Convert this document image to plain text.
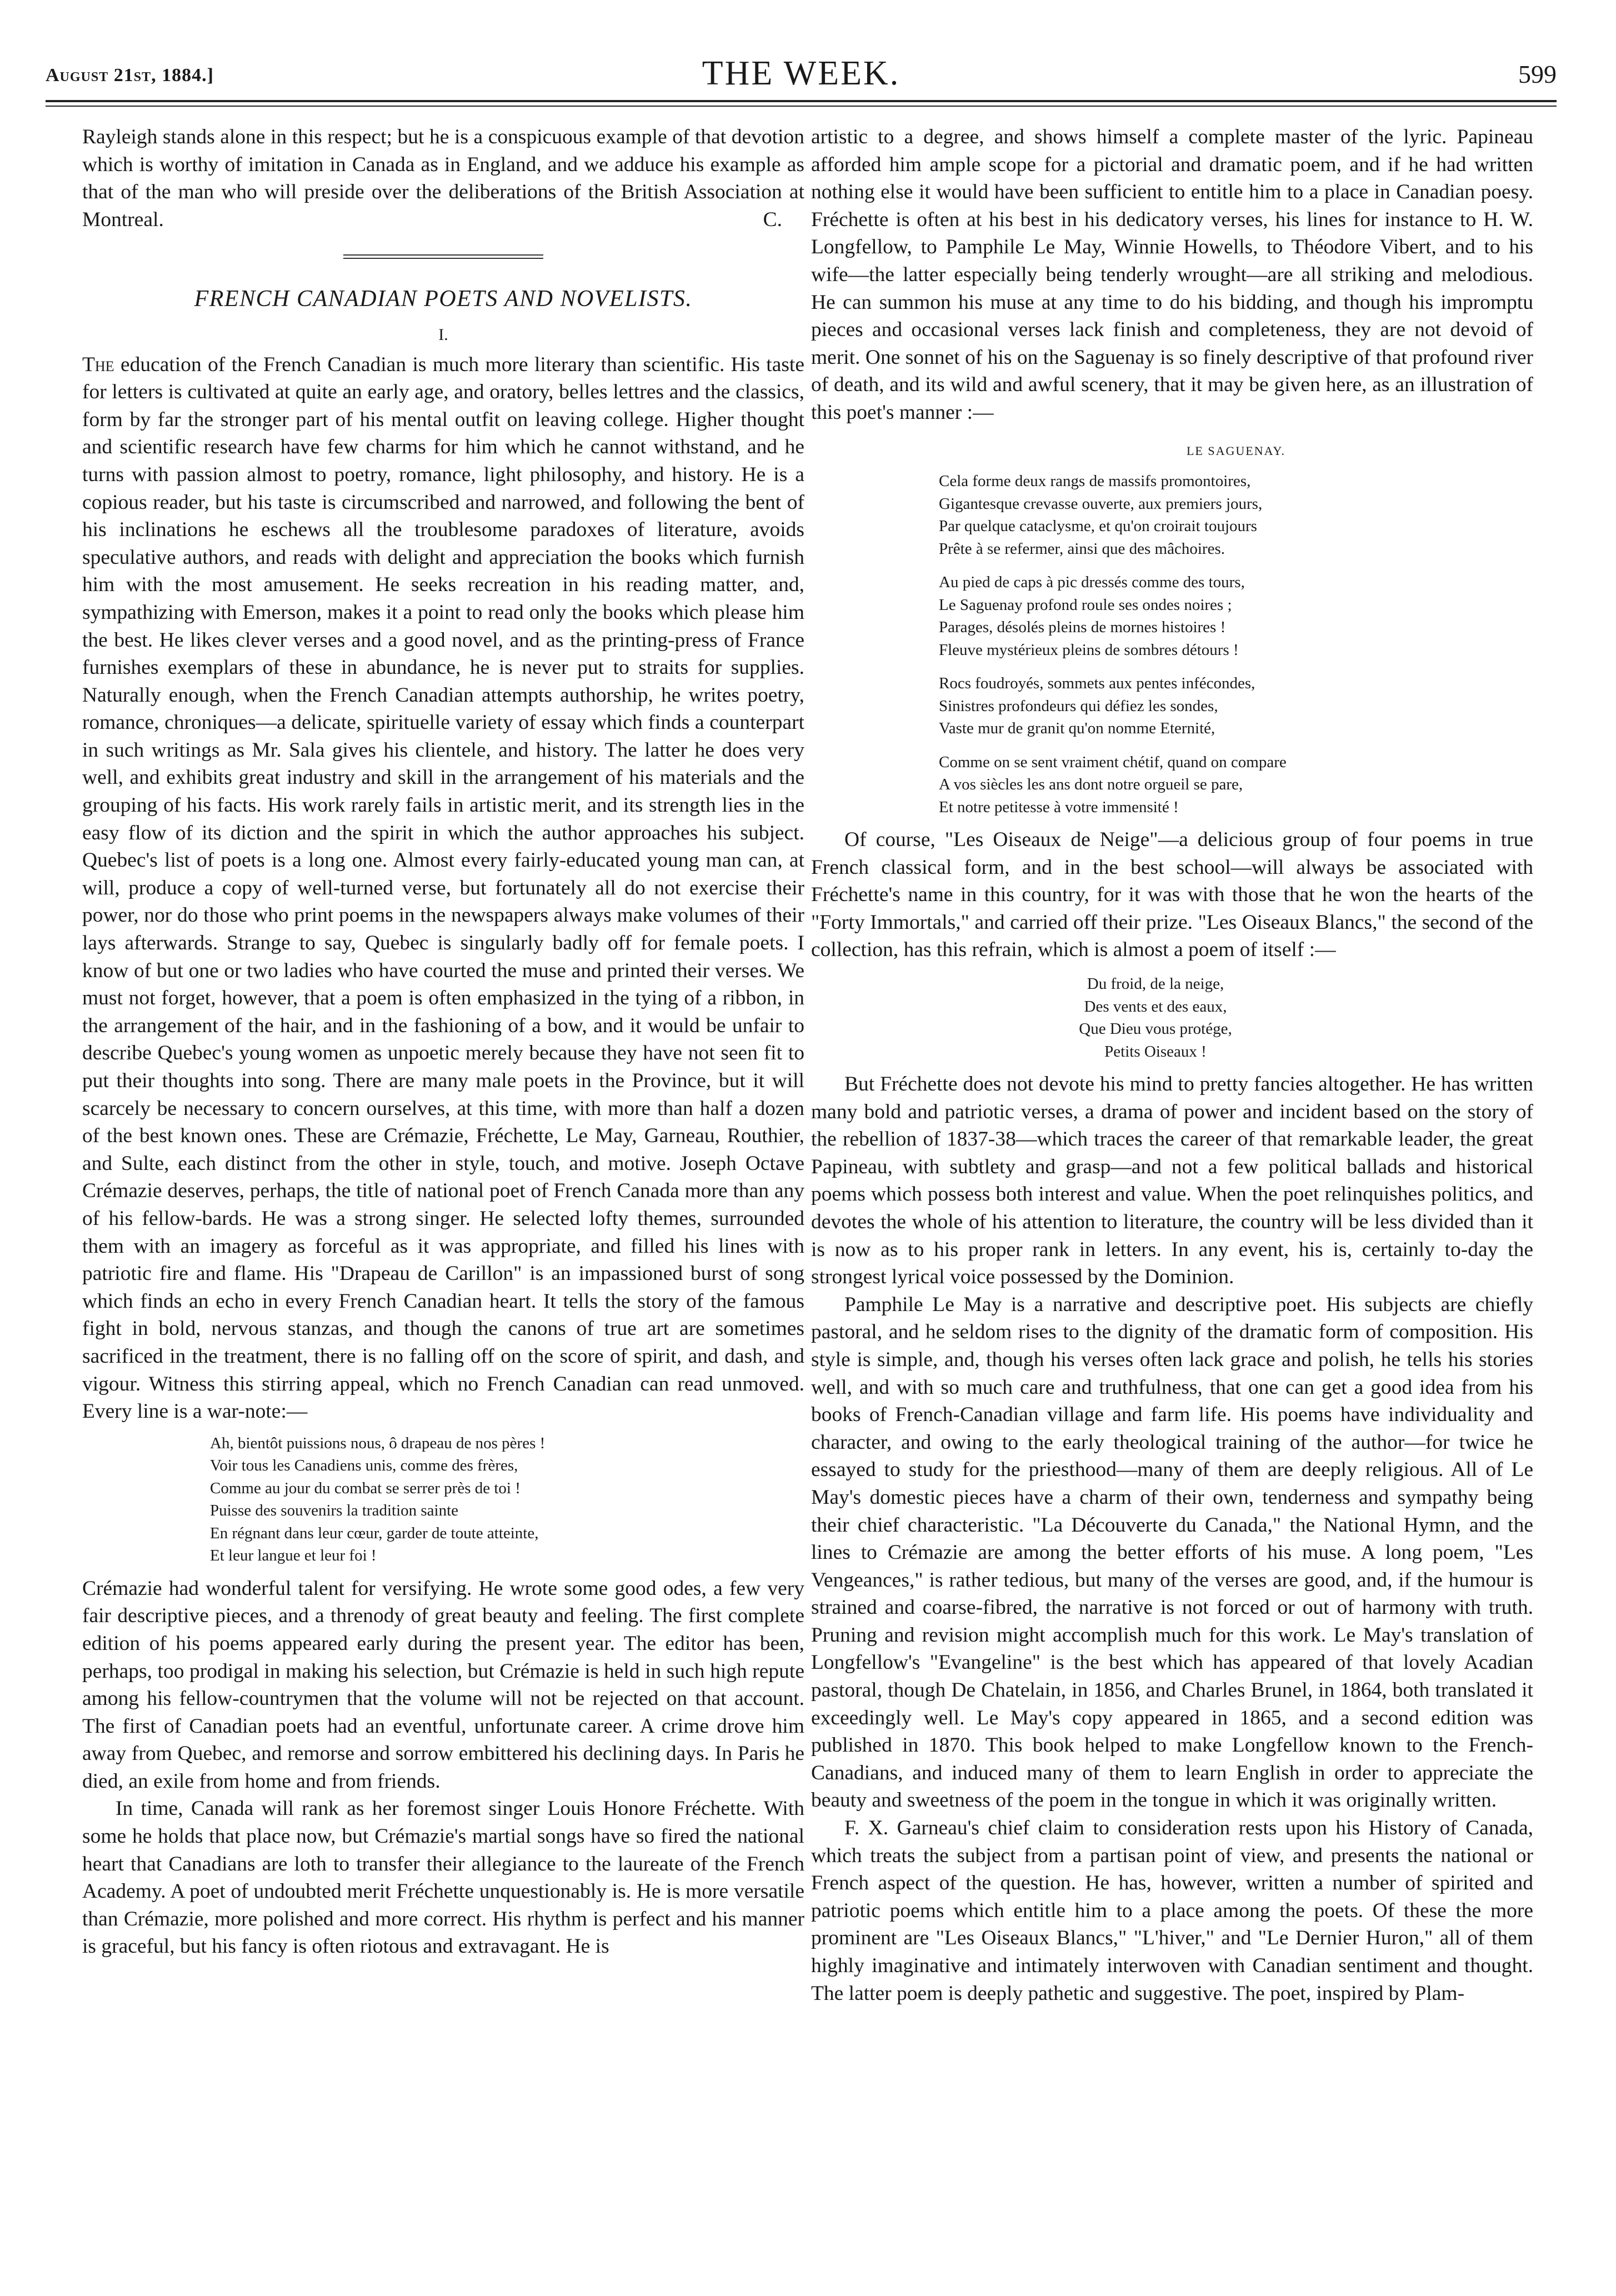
August 21st, 1884.]	THE WEEK.	599

Rayleigh stands alone in this respect; but he is a conspicuous example of that devotion which is worthy of imitation in Canada as in England, and we adduce his example as that of the man who will preside over the deliberations of the British Association at Montreal.	C.

FRENCH CANADIAN POETS AND NOVELISTS.
I.

The education of the French Canadian is much more literary than scientific. His taste for letters is cultivated at quite an early age, and oratory, belles lettres and the classics, form by far the stronger part of his mental outfit on leaving college. Higher thought and scientific research have few charms for him which he cannot withstand, and he turns with passion almost to poetry, romance, light philosophy, and history. He is a copious reader, but his taste is circumscribed and narrowed, and following the bent of his inclinations he eschews all the troublesome paradoxes of literature, avoids speculative authors, and reads with delight and appreciation the books which furnish him with the most amusement. He seeks recreation in his reading matter, and, sympathizing with Emerson, makes it a point to read only the books which please him the best. He likes clever verses and a good novel, and as the printing-press of France furnishes exemplars of these in abundance, he is never put to straits for supplies. Naturally enough, when the French Canadian attempts authorship, he writes poetry, romance, chroniques—a delicate, spirituelle variety of essay which finds a counterpart in such writings as Mr. Sala gives his clientele, and history. The latter he does very well, and exhibits great industry and skill in the arrangement of his materials and the grouping of his facts. His work rarely fails in artistic merit, and its strength lies in the easy flow of its diction and the spirit in which the author approaches his subject. Quebec's list of poets is a long one. Almost every fairly-educated young man can, at will, produce a copy of well-turned verse, but fortunately all do not exercise their power, nor do those who print poems in the newspapers always make volumes of their lays afterwards. Strange to say, Quebec is singularly badly off for female poets. I know of but one or two ladies who have courted the muse and printed their verses. We must not forget, however, that a poem is often emphasized in the tying of a ribbon, in the arrangement of the hair, and in the fashioning of a bow, and it would be unfair to describe Quebec's young women as unpoetic merely because they have not seen fit to put their thoughts into song. There are many male poets in the Province, but it will scarcely be necessary to concern ourselves, at this time, with more than half a dozen of the best known ones. These are Crémazie, Fréchette, Le May, Garneau, Routhier, and Sulte, each distinct from the other in style, touch, and motive. Joseph Octave Crémazie deserves, perhaps, the title of national poet of French Canada more than any of his fellow-bards. He was a strong singer. He selected lofty themes, surrounded them with an imagery as forceful as it was appropriate, and filled his lines with patriotic fire and flame. His "Drapeau de Carillon" is an impassioned burst of song which finds an echo in every French Canadian heart. It tells the story of the famous fight in bold, nervous stanzas, and though the canons of true art are sometimes sacrificed in the treatment, there is no falling off on the score of spirit, and dash, and vigour. Witness this stirring appeal, which no French Canadian can read unmoved. Every line is a war-note:—

Ah, bientôt puissions nous, ô drapeau de nos pères !
Voir tous les Canadiens unis, comme des frères,
Comme au jour du combat se serrer près de toi !
Puisse des souvenirs la tradition sainte
En régnant dans leur cœur, garder de toute atteinte,
Et leur langue et leur foi !

Crémazie had wonderful talent for versifying. He wrote some good odes, a few very fair descriptive pieces, and a threnody of great beauty and feeling. The first complete edition of his poems appeared early during the present year. The editor has been, perhaps, too prodigal in making his selection, but Crémazie is held in such high repute among his fellow-countrymen that the volume will not be rejected on that account. The first of Canadian poets had an eventful, unfortunate career. A crime drove him away from Quebec, and remorse and sorrow embittered his declining days. In Paris he died, an exile from home and from friends.

In time, Canada will rank as her foremost singer Louis Honore Fréchette. With some he holds that place now, but Crémazie's martial songs have so fired the national heart that Canadians are loth to transfer their allegiance to the laureate of the French Academy. A poet of undoubted merit Fréchette unquestionably is. He is more versatile than Crémazie, more polished and more correct. His rhythm is perfect and his manner is graceful, but his fancy is often riotous and extravagant. He is

artistic to a degree, and shows himself a complete master of the lyric. Papineau afforded him ample scope for a pictorial and dramatic poem, and if he had written nothing else it would have been sufficient to entitle him to a place in Canadian poesy. Fréchette is often at his best in his dedicatory verses, his lines for instance to H. W. Longfellow, to Pamphile Le May, Winnie Howells, to Théodore Vibert, and to his wife—the latter especially being tenderly wrought—are all striking and melodious. He can summon his muse at any time to do his bidding, and though his impromptu pieces and occasional verses lack finish and completeness, they are not devoid of merit. One sonnet of his on the Saguenay is so finely descriptive of that profound river of death, and its wild and awful scenery, that it may be given here, as an illustration of this poet's manner :—

LE SAGUENAY.
Cela forme deux rangs de massifs promontoires,
Gigantesque crevasse ouverte, aux premiers jours,
Par quelque cataclysme, et qu'on croirait toujours
Prête à se refermer, ainsi que des mâchoires.
Au pied de caps à pic dressés comme des tours,
Le Saguenay profond roule ses ondes noires ;
Parages, désolés pleins de mornes histoires !
Fleuve mystérieux pleins de sombres détours !
Rocs foudroyés, sommets aux pentes infécondes,
Sinistres profondeurs qui défiez les sondes,
Vaste mur de granit qu'on nomme Eternité,
Comme on se sent vraiment chétif, quand on compare
A vos siècles les ans dont notre orgueil se pare,
Et notre petitesse à votre immensité !

Of course, "Les Oiseaux de Neige"—a delicious group of four poems in true French classical form, and in the best school—will always be associated with Fréchette's name in this country, for it was with those that he won the hearts of the "Forty Immortals," and carried off their prize. "Les Oiseaux Blancs," the second of the collection, has this refrain, which is almost a poem of itself :—

Du froid, de la neige,
Des vents et des eaux,
Que Dieu vous protége,
Petits Oiseaux !

But Fréchette does not devote his mind to pretty fancies altogether. He has written many bold and patriotic verses, a drama of power and incident based on the story of the rebellion of 1837-38—which traces the career of that remarkable leader, the great Papineau, with subtlety and grasp—and not a few political ballads and historical poems which possess both interest and value. When the poet relinquishes politics, and devotes the whole of his attention to literature, the country will be less divided than it is now as to his proper rank in letters. In any event, his is, certainly to-day the strongest lyrical voice possessed by the Dominion.

Pamphile Le May is a narrative and descriptive poet. His subjects are chiefly pastoral, and he seldom rises to the dignity of the dramatic form of composition. His style is simple, and, though his verses often lack grace and polish, he tells his stories well, and with so much care and truthfulness, that one can get a good idea from his books of French-Canadian village and farm life. His poems have individuality and character, and owing to the early theological training of the author—for twice he essayed to study for the priesthood—many of them are deeply religious. All of Le May's domestic pieces have a charm of their own, tenderness and sympathy being their chief characteristic. "La Découverte du Canada," the National Hymn, and the lines to Crémazie are among the better efforts of his muse. A long poem, "Les Vengeances," is rather tedious, but many of the verses are good, and, if the humour is strained and coarse-fibred, the narrative is not forced or out of harmony with truth. Pruning and revision might accomplish much for this work. Le May's translation of Longfellow's "Evangeline" is the best which has appeared of that lovely Acadian pastoral, though De Chatelain, in 1856, and Charles Brunel, in 1864, both translated it exceedingly well. Le May's copy appeared in 1865, and a second edition was published in 1870. This book helped to make Longfellow known to the French-Canadians, and induced many of them to learn English in order to appreciate the beauty and sweetness of the poem in the tongue in which it was originally written.

F. X. Garneau's chief claim to consideration rests upon his History of Canada, which treats the subject from a partisan point of view, and presents the national or French aspect of the question. He has, however, written a number of spirited and patriotic poems which entitle him to a place among the poets. Of these the more prominent are "Les Oiseaux Blancs," "L'hiver," and "Le Dernier Huron," all of them highly imaginative and intimately interwoven with Canadian sentiment and thought. The latter poem is deeply pathetic and suggestive. The poet, inspired by Plam-
